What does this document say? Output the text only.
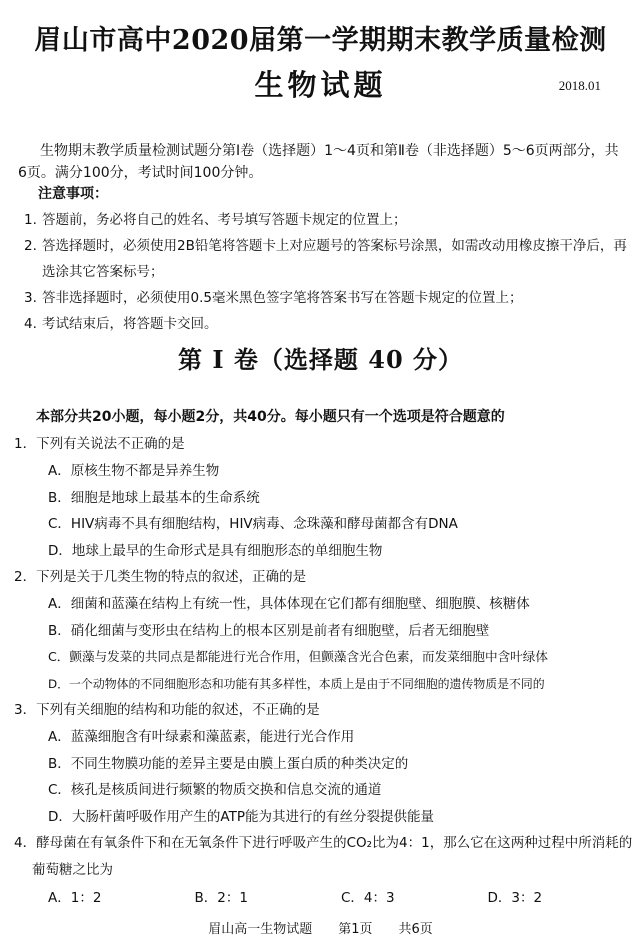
眉山市高中2020届第一学期期末教学质量检测
生物试题	2018.01
生物期末教学质量检测试题分第Ⅰ卷（选择题）1～4页和第Ⅱ卷（非选择题）5～6页两部分，共6页。满分100分，考试时间100分钟。
注意事项：
1. 答题前，务必将自己的姓名、考号填写答题卡规定的位置上；
2. 答选择题时，必须使用2B铅笔将答题卡上对应题号的答案标号涂黑，如需改动用橡皮擦干净后，再选涂其它答案标号；
3. 答非选择题时，必须使用0.5毫米黑色签字笔将答案书写在答题卡规定的位置上；
4. 考试结束后，将答题卡交回。
第 Ⅰ 卷（选择题 40 分）
本部分共20小题，每小题2分，共40分。每小题只有一个选项是符合题意的
1．下列有关说法不正确的是
A．原核生物不都是异养生物
B．细胞是地球上最基本的生命系统
C．HIV病毒不具有细胞结构，HIV病毒、念珠藻和酵母菌都含有DNA
D．地球上最早的生命形式是具有细胞形态的单细胞生物
2．下列是关于几类生物的特点的叙述，正确的是
A．细菌和蓝藻在结构上有统一性，具体体现在它们都有细胞壁、细胞膜、核糖体
B．硝化细菌与变形虫在结构上的根本区别是前者有细胞壁，后者无细胞壁
C．颤藻与发菜的共同点是都能进行光合作用，但颤藻含光合色素，而发菜细胞中含叶绿体
D．一个动物体的不同细胞形态和功能有其多样性，本质上是由于不同细胞的遗传物质是不同的
3．下列有关细胞的结构和功能的叙述，不正确的是
A．蓝藻细胞含有叶绿素和藻蓝素，能进行光合作用
B．不同生物膜功能的差异主要是由膜上蛋白质的种类决定的
C．核孔是核质间进行频繁的物质交换和信息交流的通道
D．大肠杆菌呼吸作用产生的ATP能为其进行的有丝分裂提供能量
4．酵母菌在有氧条件下和在无氧条件下进行呼吸产生的CO₂比为4：1，那么它在这两种过程中所消耗的葡萄糖之比为
A．1：2	B．2：1	C．4：3	D．3：2
眉山高一生物试题　　第1页　　共6页
